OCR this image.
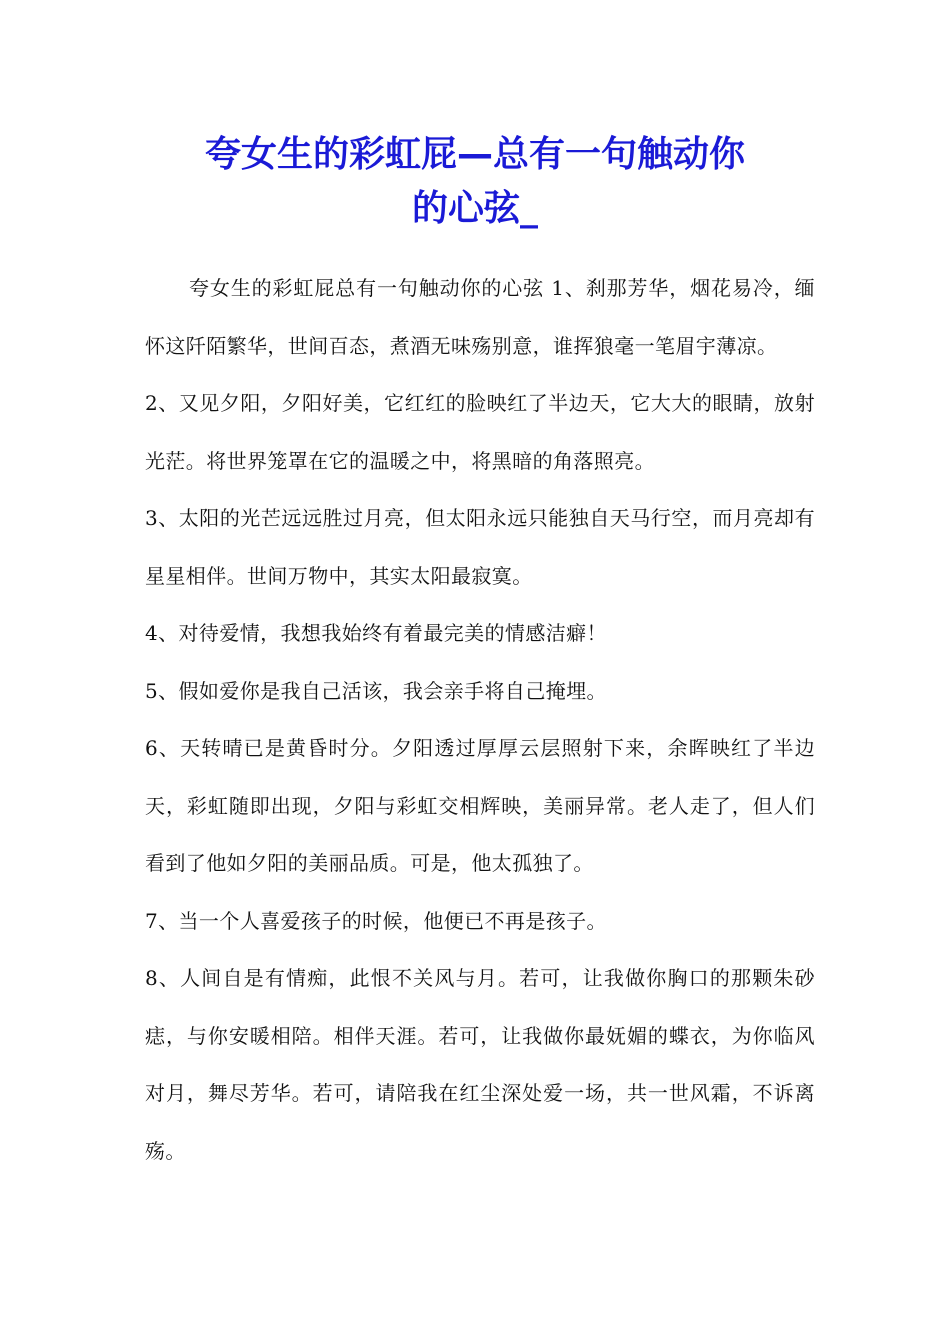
夸女生的彩虹屁—总有一句触动你
的心弦_

夸女生的彩虹屁总有一句触动你的心弦 1、刹那芳华，烟花易冷，缅怀这阡陌繁华，世间百态，煮酒无味殇别意，谁挥狼毫一笔眉宇薄凉。

2、又见夕阳，夕阳好美，它红红的脸映红了半边天，它大大的眼睛，放射光茫。将世界笼罩在它的温暖之中，将黑暗的角落照亮。

3、太阳的光芒远远胜过月亮，但太阳永远只能独自天马行空，而月亮却有星星相伴。世间万物中，其实太阳最寂寞。

4、对待爱情，我想我始终有着最完美的情感洁癖！

5、假如爱你是我自己活该，我会亲手将自己掩埋。

6、天转晴已是黄昏时分。夕阳透过厚厚云层照射下来，余晖映红了半边天，彩虹随即出现，夕阳与彩虹交相辉映，美丽异常。老人走了，但人们看到了他如夕阳的美丽品质。可是，他太孤独了。

7、当一个人喜爱孩子的时候，他便已不再是孩子。

8、人间自是有情痴，此恨不关风与月。若可，让我做你胸口的那颗朱砂痣，与你安暖相陪。相伴天涯。若可，让我做你最妩媚的蝶衣，为你临风对月，舞尽芳华。若可，请陪我在红尘深处爱一场，共一世风霜，不诉离殇。
